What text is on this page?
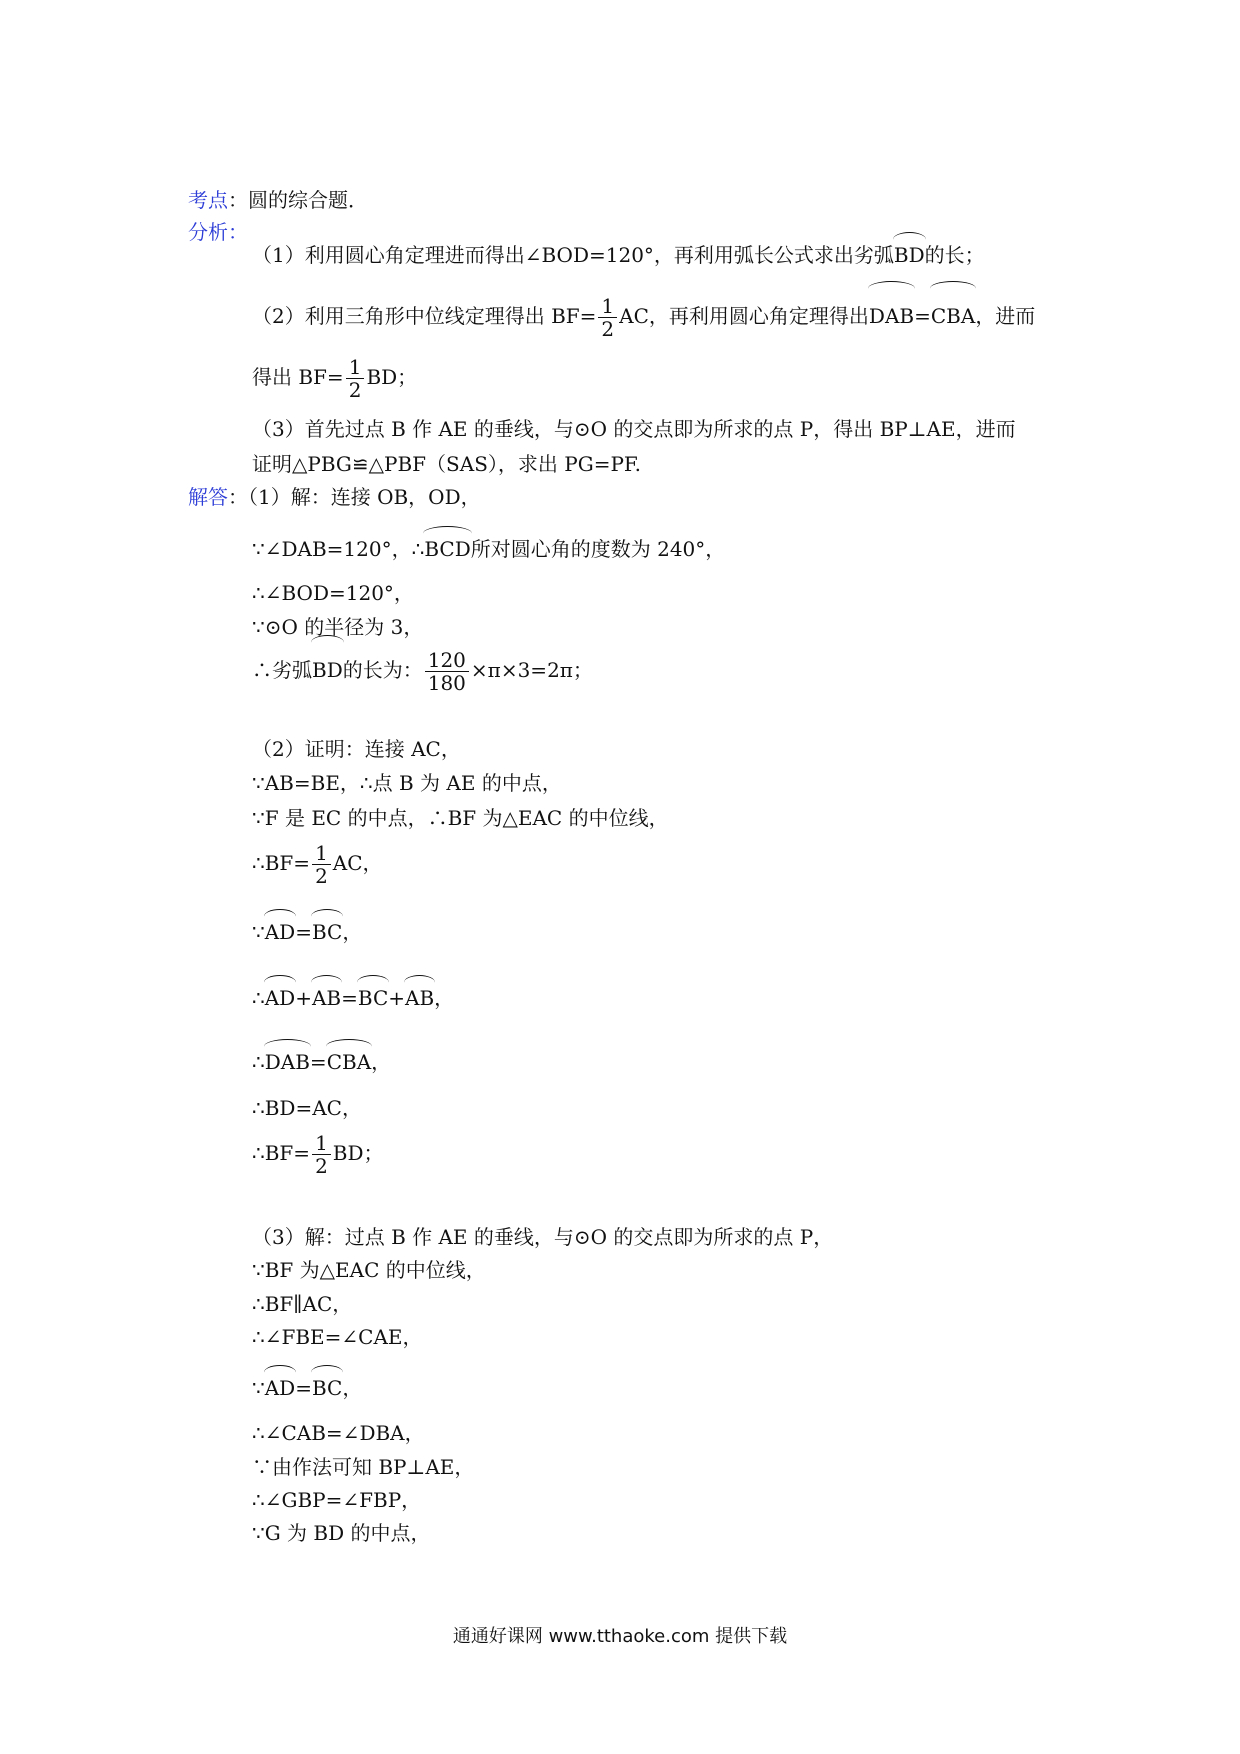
考点：圆的综合题．
分析：
（1）利用圆心角定理进而得出∠BOD=120°，再利用弧长公式求出劣弧BD的长；
（2）利用三角形中位线定理得出 $BF= \frac{1}{2}$ AC，再利用圆心角定理得出DAB=CBA，进而
得出 $BF= \frac{1}{2}$ BD；
（3）首先过点 B 作 AE 的垂线，与⊙O 的交点即为所求的点 P，得出 BP⊥AE，进而
证明△PBG≌△PBF（SAS），求出 PG=PF.
解答：（1）解：连接 OB，OD，
∵∠DAB=120°，∴BCD所对圆心角的度数为 240°，
∴∠BOD=120°，
∵⊙O 的半径为 3，
∴劣弧BD的长为： $\frac{120}{180} \times\pi\times 3=2\pi$；
（2）证明：连接 AC，
∵AB=BE，∴点 B 为 AE 的中点，
∵F 是 EC 的中点，∴BF 为△EAC 的中位线，
∴BF= $\frac{1}{2}$ AC，
∵AD=BC，
∴AD+AB=BC+AB，
∴DAB=CBA，
∴BD=AC，
∴BF= $\frac{1}{2}$ BD；
（3）解：过点 B 作 AE 的垂线，与⊙O 的交点即为所求的点 P，
∵BF 为△EAC 的中位线，
∴BF∥AC，
∴∠FBE=∠CAE，
∵AD=BC，
∴∠CAB=∠DBA，
∵由作法可知 BP⊥AE，
∴∠GBP=∠FBP，
∵G 为 BD 的中点，
通通好课网 www.tthaoke.com 提供下载
